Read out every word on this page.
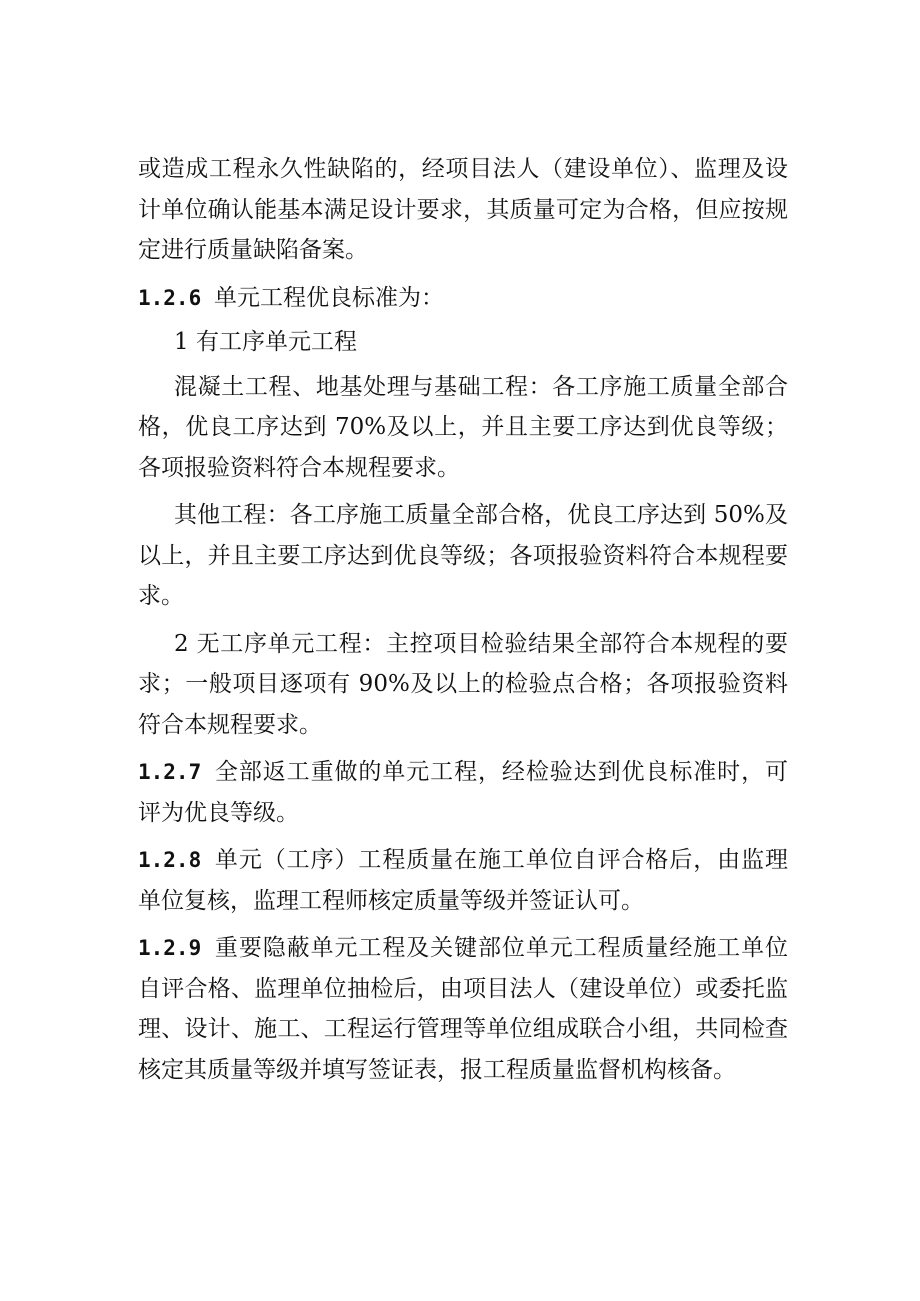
或造成工程永久性缺陷的，经项目法人（建设单位）、监理及设计单位确认能基本满足设计要求，其质量可定为合格，但应按规定进行质量缺陷备案。

1.2.6 单元工程优良标准为：

1 有工序单元工程

混凝土工程、地基处理与基础工程：各工序施工质量全部合格，优良工序达到 70%及以上，并且主要工序达到优良等级；各项报验资料符合本规程要求。

其他工程：各工序施工质量全部合格，优良工序达到 50%及以上，并且主要工序达到优良等级；各项报验资料符合本规程要求。

2 无工序单元工程：主控项目检验结果全部符合本规程的要求；一般项目逐项有 90%及以上的检验点合格；各项报验资料符合本规程要求。

1.2.7 全部返工重做的单元工程，经检验达到优良标准时，可评为优良等级。

1.2.8 单元（工序）工程质量在施工单位自评合格后，由监理单位复核，监理工程师核定质量等级并签证认可。

1.2.9 重要隐蔽单元工程及关键部位单元工程质量经施工单位自评合格、监理单位抽检后，由项目法人（建设单位）或委托监理、设计、施工、工程运行管理等单位组成联合小组，共同检查核定其质量等级并填写签证表，报工程质量监督机构核备。
